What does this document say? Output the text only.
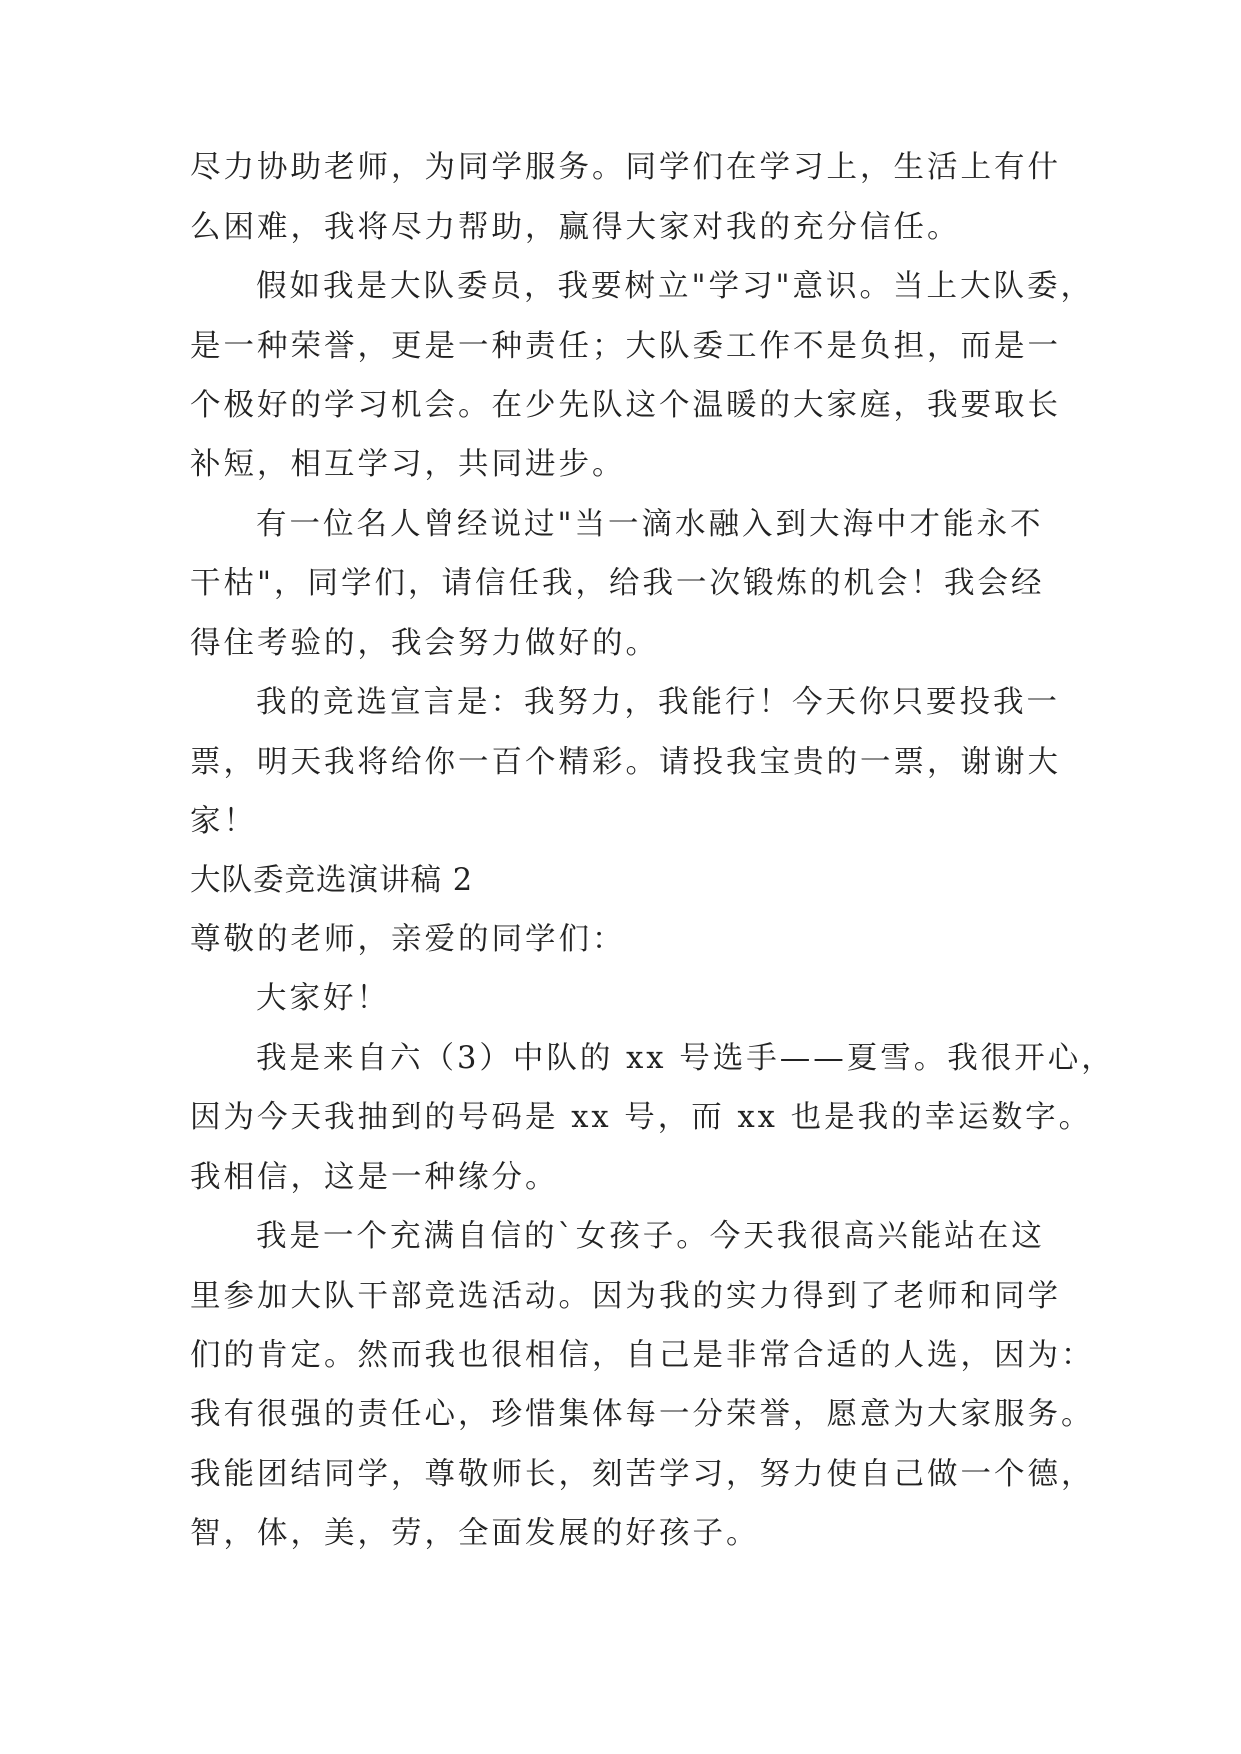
尽力协助老师，为同学服务。同学们在学习上，生活上有什

么困难，我将尽力帮助，赢得大家对我的充分信任。

假如我是大队委员，我要树立"学习"意识。当上大队委，

是一种荣誉，更是一种责任；大队委工作不是负担，而是一

个极好的学习机会。在少先队这个温暖的大家庭，我要取长

补短，相互学习，共同进步。

有一位名人曾经说过"当一滴水融入到大海中才能永不

干枯"，同学们，请信任我，给我一次锻炼的机会！我会经

得住考验的，我会努力做好的。

我的竞选宣言是：我努力，我能行！今天你只要投我一

票，明天我将给你一百个精彩。请投我宝贵的一票，谢谢大

家！

大队委竞选演讲稿 2

尊敬的老师，亲爱的同学们：

大家好！

我是来自六（3）中队的 xx 号选手——夏雪。我很开心，

因为今天我抽到的号码是 xx 号，而 xx 也是我的幸运数字。

我相信，这是一种缘分。

我是一个充满自信的`女孩子。今天我很高兴能站在这

里参加大队干部竞选活动。因为我的实力得到了老师和同学

们的肯定。然而我也很相信，自己是非常合适的人选，因为：

我有很强的责任心，珍惜集体每一分荣誉，愿意为大家服务。

我能团结同学，尊敬师长，刻苦学习，努力使自己做一个德，

智，体，美，劳，全面发展的好孩子。
